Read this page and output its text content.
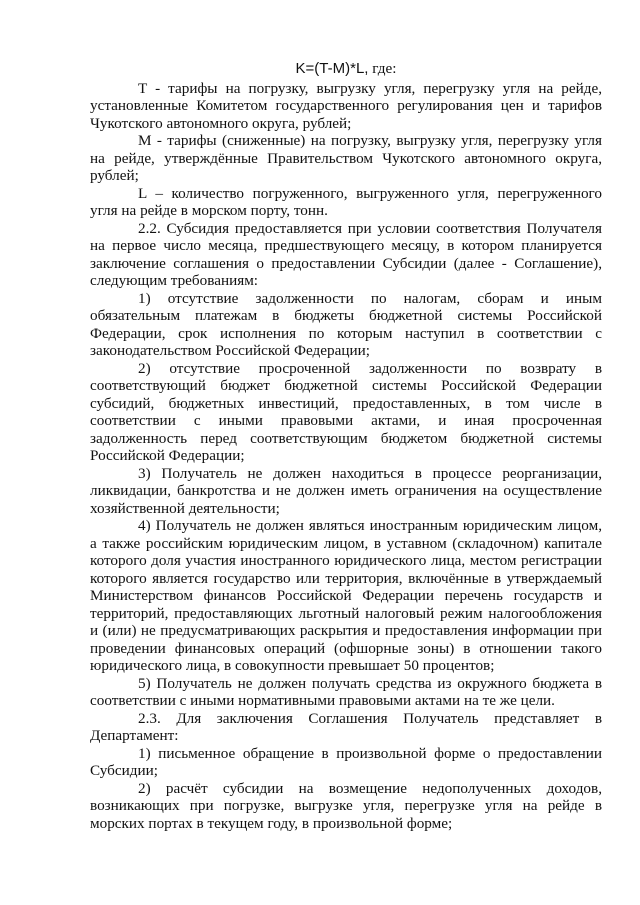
K=(T-M)*L, где:

T - тарифы на погрузку, выгрузку угля, перегрузку угля на рейде, установленные Комитетом государственного регулирования цен и тарифов Чукотского автономного округа, рублей;

M - тарифы (сниженные) на погрузку, выгрузку угля, перегрузку угля на рейде, утверждённые Правительством Чукотского автономного округа, рублей;

L – количество погруженного, выгруженного угля, перегруженного угля на рейде в морском порту, тонн.

2.2. Субсидия предоставляется при условии соответствия Получателя на первое число месяца, предшествующего месяцу, в котором планируется заключение соглашения о предоставлении Субсидии (далее - Соглашение), следующим требованиям:

1) отсутствие задолженности по налогам, сборам и иным обязательным платежам в бюджеты бюджетной системы Российской Федерации, срок исполнения по которым наступил в соответствии с законодательством Российской Федерации;

2) отсутствие просроченной задолженности по возврату в соответствующий бюджет бюджетной системы Российской Федерации субсидий, бюджетных инвестиций, предоставленных, в том числе в соответствии с иными правовыми актами, и иная просроченная задолженность перед соответствующим бюджетом бюджетной системы Российской Федерации;

3) Получатель не должен находиться в процессе реорганизации, ликвидации, банкротства и не должен иметь ограничения на осуществление хозяйственной деятельности;

4) Получатель не должен являться иностранным юридическим лицом, а также российским юридическим лицом, в уставном (складочном) капитале которого доля участия иностранного юридического лица, местом регистрации которого является государство или территория, включённые в утверждаемый Министерством финансов Российской Федерации перечень государств и территорий, предоставляющих льготный налоговый режим налогообложения и (или) не предусматривающих раскрытия и предоставления информации при проведении финансовых операций (офшорные зоны) в отношении такого юридического лица, в совокупности превышает 50 процентов;

5) Получатель не должен получать средства из окружного бюджета в соответствии с иными нормативными правовыми актами на те же цели.

2.3. Для заключения Соглашения Получатель представляет в Департамент:

1) письменное обращение в произвольной форме о предоставлении Субсидии;

2) расчёт субсидии на возмещение недополученных доходов, возникающих при погрузке, выгрузке угля, перегрузке угля на рейде в морских портах в текущем году, в произвольной форме;
